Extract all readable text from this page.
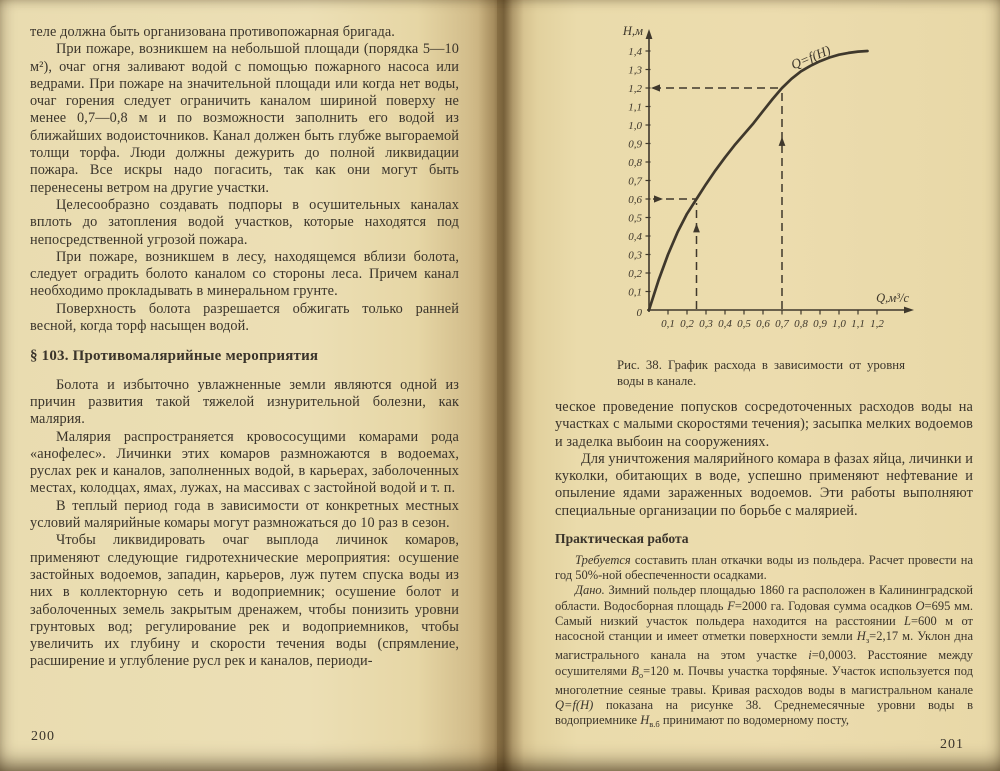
теле должна быть организована противопожарная бригада.

При пожаре, возникшем на небольшой площади (порядка 5—10 м²), очаг огня заливают водой с помощью пожарного насоса или ведрами. При пожаре на значительной площади или когда нет воды, очаг горения следует ограничить каналом шириной поверху не менее 0,7—0,8 м и по возможности заполнить его водой из ближайших водоисточников. Канал должен быть глубже выгораемой толщи торфа. Люди должны дежурить до полной ликвидации пожара. Все искры надо погасить, так как они могут быть перенесены ветром на другие участки.

Целесообразно создавать подпоры в осушительных каналах вплоть до затопления водой участков, которые находятся под непосредственной угрозой пожара.

При пожаре, возникшем в лесу, находящемся вблизи болота, следует оградить болото каналом со стороны леса. Причем канал необходимо прокладывать в минеральном грунте.

Поверхность болота разрешается обжигать только ранней весной, когда торф насыщен водой.

§ 103. Противомалярийные мероприятия

Болота и избыточно увлажненные земли являются одной из причин развития такой тяжелой изнурительной болезни, как малярия.

Малярия распространяется кровососущими комарами рода «анофелес». Личинки этих комаров размножаются в водоемах, руслах рек и каналов, заполненных водой, в карьерах, заболоченных местах, колодцах, ямах, лужах, на массивах с застойной водой и т. п.

В теплый период года в зависимости от конкретных местных условий малярийные комары могут размножаться до 10 раз в сезон.

Чтобы ликвидировать очаг выплода личинок комаров, применяют следующие гидротехнические мероприятия: осушение застойных водоемов, западин, карьеров, луж путем спуска воды из них в коллекторную сеть и водоприемник; осушение болот и заболоченных земель закрытым дренажем, чтобы понизить уровни грунтовых вод; регулирование рек и водоприемников, чтобы увеличить их глубину и скорости течения воды (спрямление, расширение и углубление русл рек и каналов, периоди-

200
0,1
0,2
0,3
0,4
0,5
0,6
0,7
0,8
0,9
1,0
1,1
1,2
1,3
1,4
0,1 0,2 0,3 0,4 0,5 0,6 0,7 0,8 0,9 1,0 1,1 1,2
0
Н,м
Q,м³/с
Q=f(H)
Рис. 38. График расхода в зависимости от уровня воды в канале.

ческое проведение попусков сосредоточенных расходов воды на участках с малыми скоростями течения); засыпка мелких водоемов и заделка выбоин на сооружениях.

Для уничтожения малярийного комара в фазах яйца, личинки и куколки, обитающих в воде, успешно применяют нефтевание и опыление ядами зараженных водоемов. Эти работы выполняют специальные организации по борьбе с малярией.

Практическая работа

Требуется составить план откачки воды из польдера. Расчет провести на год 50%-ной обеспеченности осадками.

Дано. Зимний польдер площадью 1860 га расположен в Калининградской области. Водосборная площадь F=2000 га. Годовая сумма осадков О=695 мм. Самый низкий участок польдера находится на расстоянии L=600 м от насосной станции и имеет отметки поверхности земли $Н_з=2,17$ м. Уклон дна магистрального канала на этом участке i=0,0003. Расстояние между осушителями $В_о=120$ м. Почвы участка торфяные. Участок используется под многолетние сеяные травы. Кривая расходов воды в магистральном канале Q=f(H) показана на рисунке 38. Среднемесячные уровни воды в водоприемнике $Н_{в.б}$ принимают по водомерному посту,

201
